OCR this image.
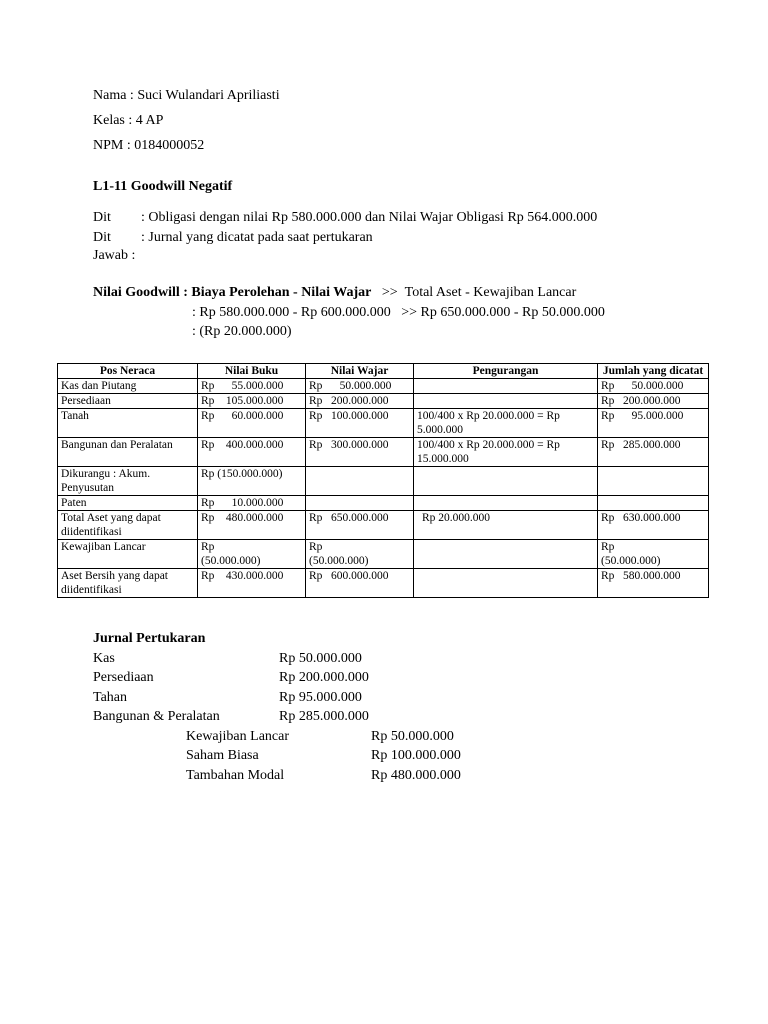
Nama : Suci Wulandari Apriliasti
Kelas : 4 AP
NPM : 0184000052
L1-11 Goodwill Negatif
Dit : Obligasi dengan nilai Rp 580.000.000 dan Nilai Wajar Obligasi Rp 564.000.000
Dit : Jurnal yang dicatat pada saat pertukaran
Jawab :
Nilai Goodwill : Biaya Perolehan - Nilai Wajar >> Total Aset - Kewajiban Lancar
: Rp 580.000.000 - Rp 600.000.000 >> Rp 650.000.000 - Rp 50.000.000
: (Rp 20.000.000)
Pos Neraca	Nilai Buku	Nilai Wajar	Pengurangan	Jumlah yang dicatat
Kas dan Piutang	Rp      55.000.000	Rp      50.000.000		Rp      50.000.000
Persediaan	Rp    105.000.000	Rp   200.000.000		Rp   200.000.000
Tanah	Rp      60.000.000	Rp   100.000.000	100/400 x Rp 20.000.000 = Rp 5.000.000	Rp      95.000.000
Bangunan dan Peralatan	Rp    400.000.000	Rp   300.000.000	100/400 x Rp 20.000.000 = Rp 15.000.000	Rp   285.000.000
Dikurangu : Akum. Penyusutan	Rp (150.000.000)			
Paten	Rp      10.000.000			
Total Aset yang dapat diidentifikasi	Rp    480.000.000	Rp   650.000.000	Rp 20.000.000	Rp   630.000.000
Kewajiban Lancar	Rp (50.000.000)	Rp (50.000.000)		Rp (50.000.000)
Aset Bersih yang dapat diidentifikasi	Rp    430.000.000	Rp   600.000.000		Rp   580.000.000
Jurnal Pertukaran
Kas	Rp 50.000.000
Persediaan	Rp 200.000.000
Tahan	Rp 95.000.000
Bangunan & Peralatan	Rp 285.000.000
Kewajiban Lancar	Rp 50.000.000
Saham Biasa	Rp 100.000.000
Tambahan Modal	Rp 480.000.000
